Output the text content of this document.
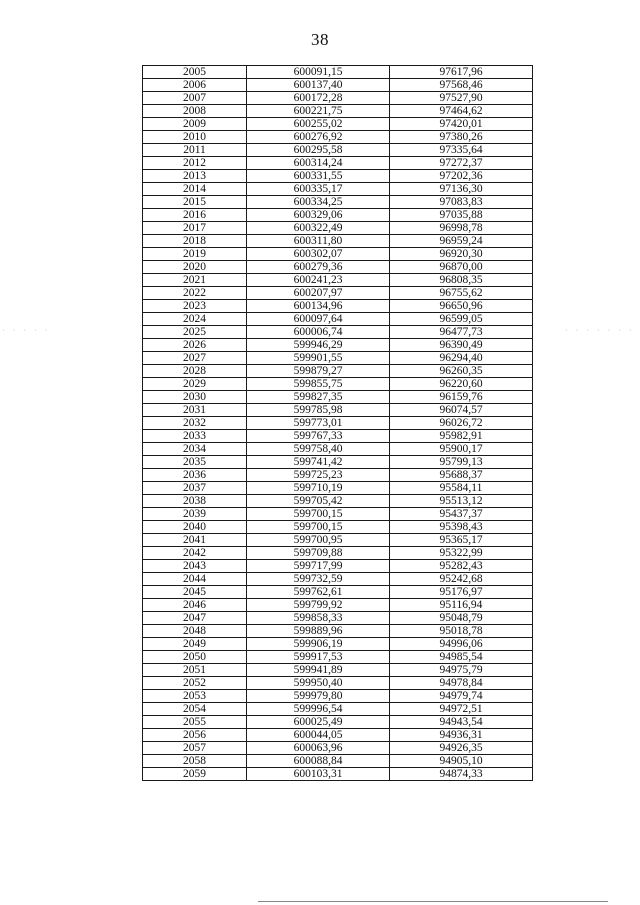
38
2005	600091,15	97617,96
2006	600137,40	97568,46
2007	600172,28	97527,90
2008	600221,75	97464,62
2009	600255,02	97420,01
2010	600276,92	97380,26
2011	600295,58	97335,64
2012	600314,24	97272,37
2013	600331,55	97202,36
2014	600335,17	97136,30
2015	600334,25	97083,83
2016	600329,06	97035,88
2017	600322,49	96998,78
2018	600311,80	96959,24
2019	600302,07	96920,30
2020	600279,36	96870,00
2021	600241,23	96808,35
2022	600207,97	96755,62
2023	600134,96	96650,96
2024	600097,64	96599,05
2025	600006,74	96477,73
2026	599946,29	96390,49
2027	599901,55	96294,40
2028	599879,27	96260,35
2029	599855,75	96220,60
2030	599827,35	96159,76
2031	599785,98	96074,57
2032	599773,01	96026,72
2033	599767,33	95982,91
2034	599758,40	95900,17
2035	599741,42	95799,13
2036	599725,23	95688,37
2037	599710,19	95584,11
2038	599705,42	95513,12
2039	599700,15	95437,37
2040	599700,15	95398,43
2041	599700,95	95365,17
2042	599709,88	95322,99
2043	599717,99	95282,43
2044	599732,59	95242,68
2045	599762,61	95176,97
2046	599799,92	95116,94
2047	599858,33	95048,79
2048	599889,96	95018,78
2049	599906,19	94996,06
2050	599917,53	94985,54
2051	599941,89	94975,79
2052	599950,40	94978,84
2053	599979,80	94979,74
2054	599996,54	94972,51
2055	600025,49	94943,54
2056	600044,05	94936,31
2057	600063,96	94926,35
2058	600088,84	94905,10
2059	600103,31	94874,33
· · · · ·	· · · · · · ·
